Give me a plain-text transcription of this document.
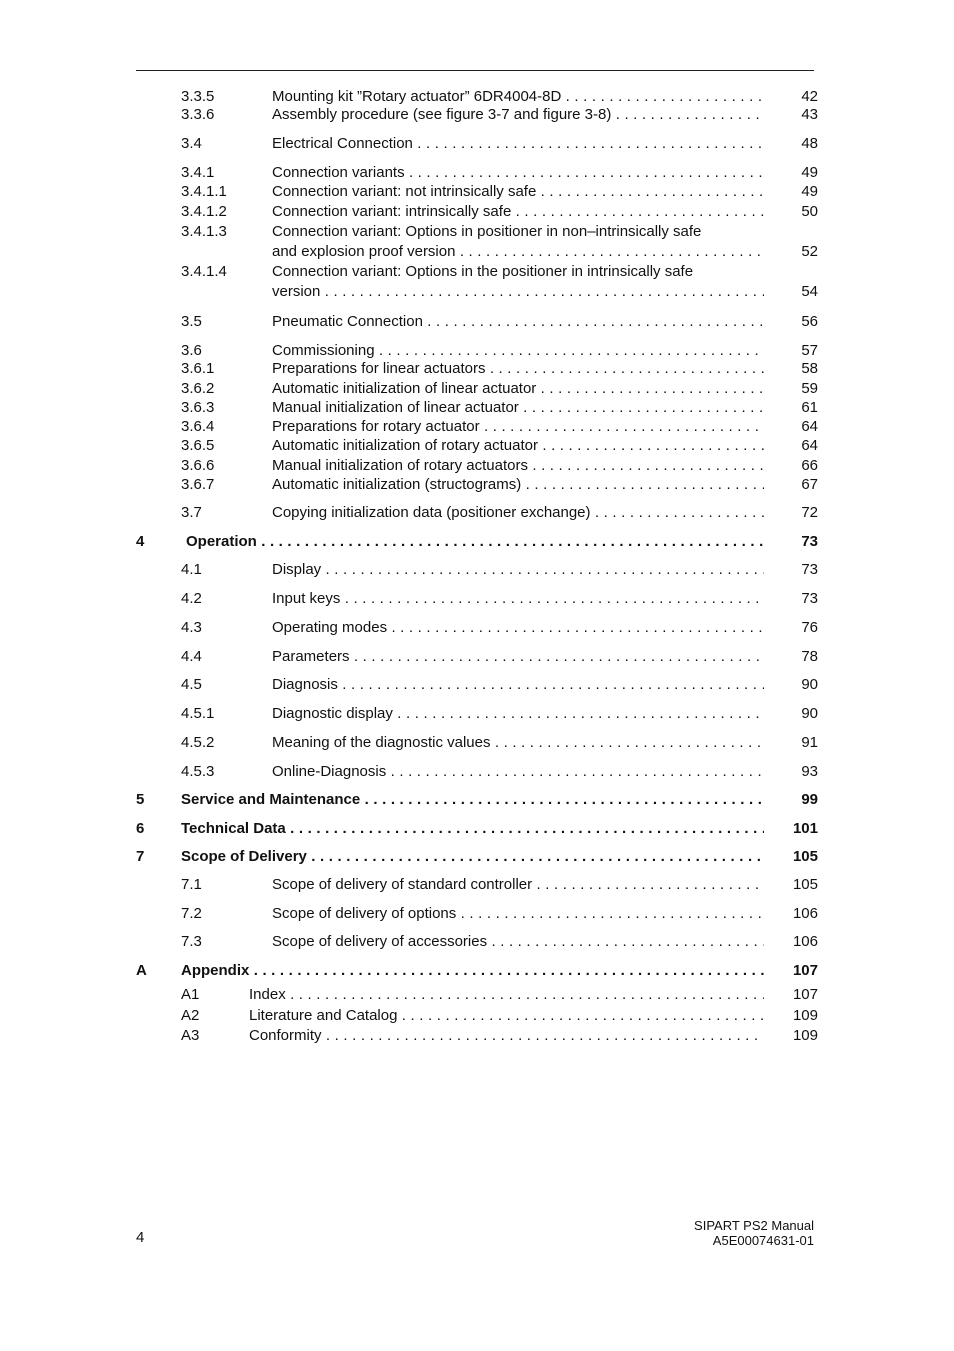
3.3.5	Mounting kit ”Rotary actuator” 6DR4004-8D . . .	42
3.3.6	Assembly procedure (see figure 3-7 and figure 3-8) . . .	43
3.4	Electrical Connection . . .	48
3.4.1	Connection variants . . .	49
3.4.1.1	Connection variant: not intrinsically safe . . .	49
3.4.1.2	Connection variant: intrinsically safe . . .	50
3.4.1.3	Connection variant: Options in positioner in non–intrinsically safe
and explosion proof version . . .	52
3.4.1.4	Connection variant: Options in the positioner in intrinsically safe
version . . .	54
3.5	Pneumatic Connection . . .	56
3.6	Commissioning . . .	57
3.6.1	Preparations for linear actuators . . .	58
3.6.2	Automatic initialization of linear actuator . . .	59
3.6.3	Manual initialization of linear actuator . . .	61
3.6.4	Preparations for rotary actuator . . .	64
3.6.5	Automatic initialization of rotary actuator . . .	64
3.6.6	Manual initialization of rotary actuators . . .	66
3.6.7	Automatic initialization (structograms) . . .	67
3.7	Copying initialization data (positioner exchange) . . .	72
4	Operation . . .	73
4.1	Display . . .	73
4.2	Input keys . . .	73
4.3	Operating modes . . .	76
4.4	Parameters . . .	78
4.5	Diagnosis . . .	90
4.5.1	Diagnostic display . . .	90
4.5.2	Meaning of the diagnostic values . . .	91
4.5.3	Online-Diagnosis . . .	93
5 Service and Maintenance . . .	99
6 Technical Data . . .	101
7 Scope of Delivery . . .	105
7.1	Scope of delivery of standard controller . . .	105
7.2	Scope of delivery of options . . .	106
7.3	Scope of delivery of accessories . . .	106
A Appendix . . .	107
A1	Index . . .	107
A2	Literature and Catalog . . .	109
A3	Conformity . . .	109
4
SIPART PS2 Manual
A5E00074631-01
